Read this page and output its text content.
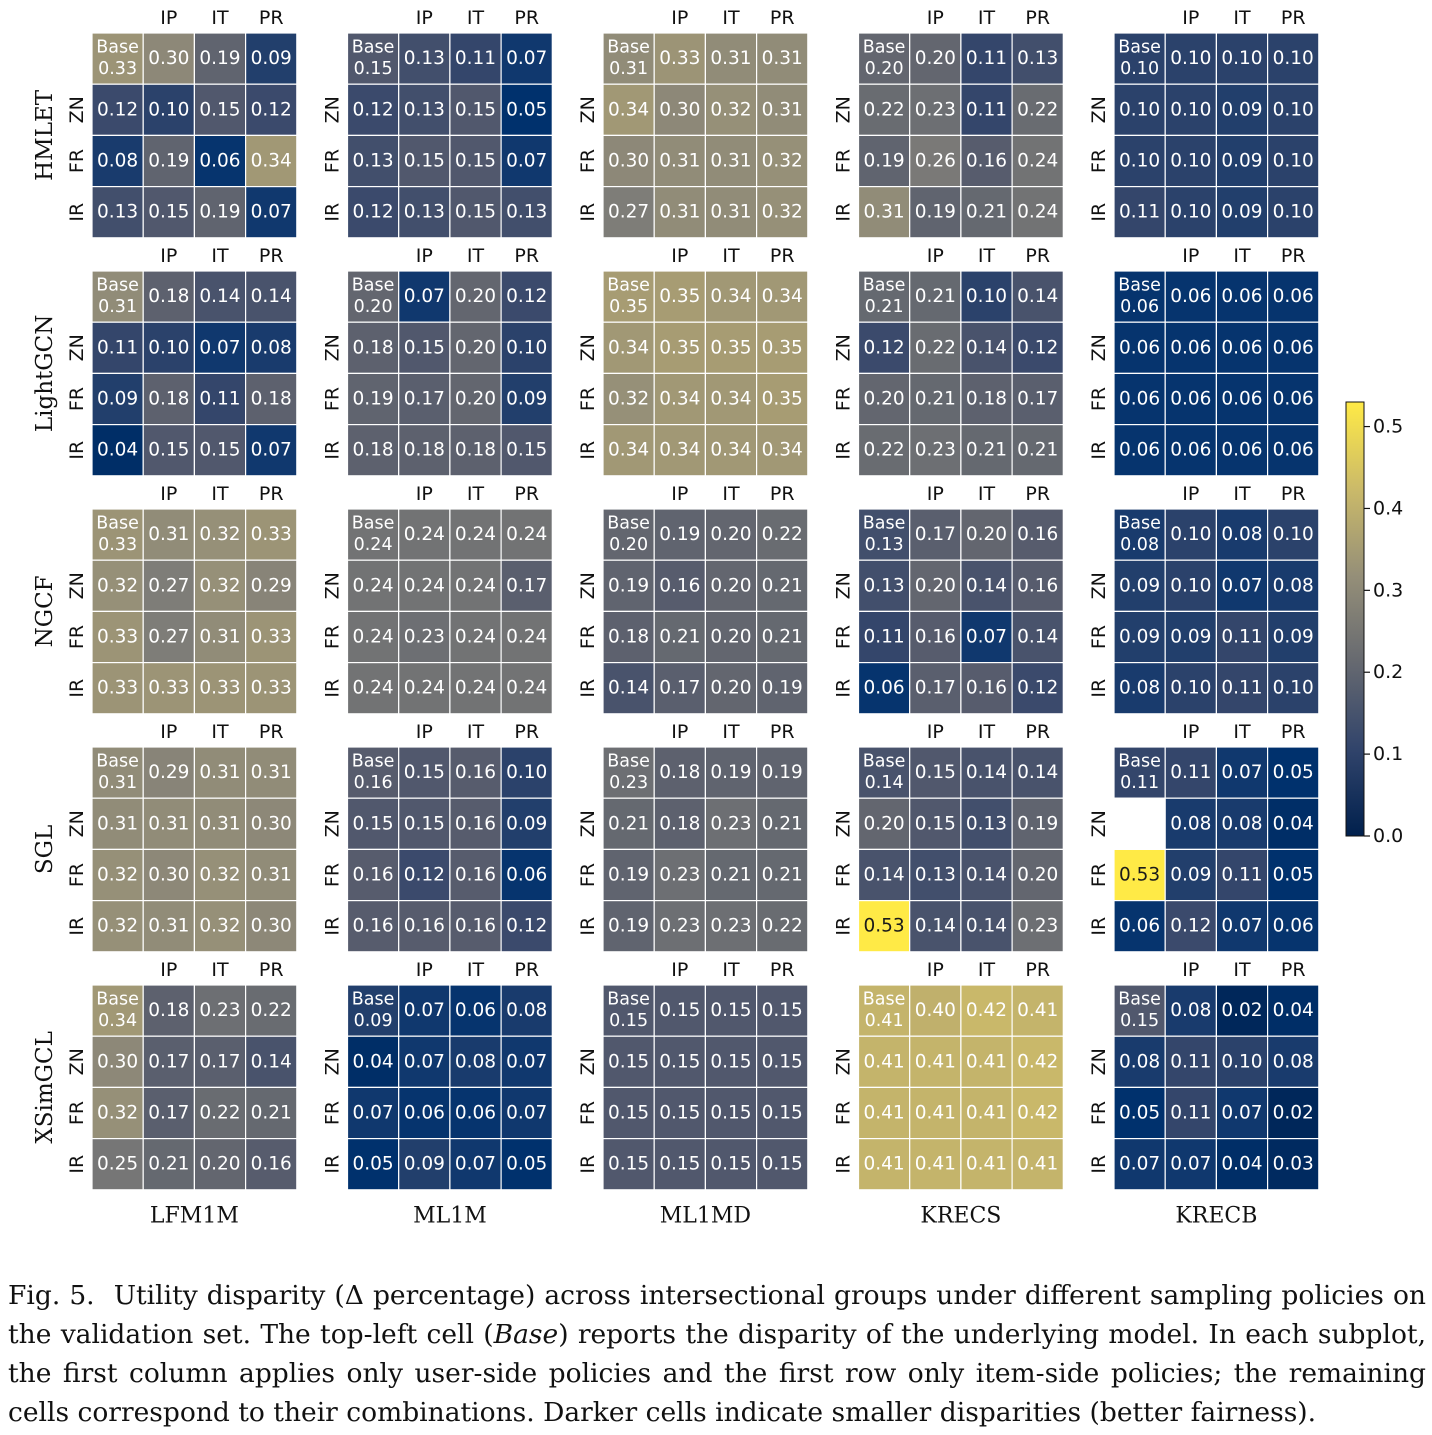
HMLET
IP IT PR
ZN
FR
IR
Base
0.33 0.30 0.19 0.09
0.12 0.10 0.15 0.12
0.08 0.19 0.06 0.34
0.13 0.15 0.19 0.07
IP IT PR
ZN
FR
IR
Base
0.15 0.13 0.11 0.07
0.12 0.13 0.15 0.05
0.13 0.15 0.15 0.07
0.12 0.13 0.15 0.13
IP IT PR
ZN
FR
IR
Base
0.31 0.33 0.31 0.31
0.34 0.30 0.32 0.31
0.30 0.31 0.31 0.32
0.27 0.31 0.31 0.32
IP IT PR
ZN
FR
IR
Base
0.20 0.20 0.11 0.13
0.22 0.23 0.11 0.22
0.19 0.26 0.16 0.24
0.31 0.19 0.21 0.24
IP IT PR
ZN
FR
IR
Base
0.10 0.10 0.10 0.10
0.10 0.10 0.09 0.10
0.10 0.10 0.09 0.10
0.11 0.10 0.09 0.10
LightGCN
IP IT PR
ZN
FR
IR
Base
0.31 0.18 0.14 0.14
0.11 0.10 0.07 0.08
0.09 0.18 0.11 0.18
0.04 0.15 0.15 0.07
IP IT PR
ZN
FR
IR
Base
0.20 0.07 0.20 0.12
0.18 0.15 0.20 0.10
0.19 0.17 0.20 0.09
0.18 0.18 0.18 0.15
IP IT PR
ZN
FR
IR
Base
0.35 0.35 0.34 0.34
0.34 0.35 0.35 0.35
0.32 0.34 0.34 0.35
0.34 0.34 0.34 0.34
IP IT PR
ZN
FR
IR
Base
0.21 0.21 0.10 0.14
0.12 0.22 0.14 0.12
0.20 0.21 0.18 0.17
0.22 0.23 0.21 0.21
IP IT PR
ZN
FR
IR
Base
0.06 0.06 0.06 0.06
0.06 0.06 0.06 0.06
0.06 0.06 0.06 0.06
0.06 0.06 0.06 0.06
NGCF
IP IT PR
ZN
FR
IR
Base
0.33 0.31 0.32 0.33
0.32 0.27 0.32 0.29
0.33 0.27 0.31 0.33
0.33 0.33 0.33 0.33
IP IT PR
ZN
FR
IR
Base
0.24 0.24 0.24 0.24
0.24 0.24 0.24 0.17
0.24 0.23 0.24 0.24
0.24 0.24 0.24 0.24
IP IT PR
ZN
FR
IR
Base
0.20 0.19 0.20 0.22
0.19 0.16 0.20 0.21
0.18 0.21 0.20 0.21
0.14 0.17 0.20 0.19
IP IT PR
ZN
FR
IR
Base
0.13 0.17 0.20 0.16
0.13 0.20 0.14 0.16
0.11 0.16 0.07 0.14
0.06 0.17 0.16 0.12
IP IT PR
ZN
FR
IR
Base
0.08 0.10 0.08 0.10
0.09 0.10 0.07 0.08
0.09 0.09 0.11 0.09
0.08 0.10 0.11 0.10
SGL
IP IT PR
ZN
FR
IR
Base
0.31 0.29 0.31 0.31
0.31 0.31 0.31 0.30
0.32 0.30 0.32 0.31
0.32 0.31 0.32 0.30
IP IT PR
ZN
FR
IR
Base
0.16 0.15 0.16 0.10
0.15 0.15 0.16 0.09
0.16 0.12 0.16 0.06
0.16 0.16 0.16 0.12
IP IT PR
ZN
FR
IR
Base
0.23 0.18 0.19 0.19
0.21 0.18 0.23 0.21
0.19 0.23 0.21 0.21
0.19 0.23 0.23 0.22
IP IT PR
ZN
FR
IR
Base
0.14 0.15 0.14 0.14
0.20 0.15 0.13 0.19
0.14 0.13 0.14 0.20
0.53 0.14 0.14 0.23
IP IT PR
ZN
FR
IR
Base
0.11 0.11 0.07 0.05
0.08 0.08 0.04
0.53 0.09 0.11 0.05
0.06 0.12 0.07 0.06
XSimGCL
IP IT PR
ZN
FR
IR
Base
0.34 0.18 0.23 0.22
0.30 0.17 0.17 0.14
0.32 0.17 0.22 0.21
0.25 0.21 0.20 0.16
LFM1M
IP IT PR
ZN
FR
IR
Base
0.09 0.07 0.06 0.08
0.04 0.07 0.08 0.07
0.07 0.06 0.06 0.07
0.05 0.09 0.07 0.05
ML1M
IP IT PR
ZN
FR
IR
Base
0.15 0.15 0.15 0.15
0.15 0.15 0.15 0.15
0.15 0.15 0.15 0.15
0.15 0.15 0.15 0.15
ML1MD
IP IT PR
ZN
FR
IR
Base
0.41 0.40 0.42 0.41
0.41 0.41 0.41 0.42
0.41 0.41 0.41 0.42
0.41 0.41 0.41 0.41
KRECS
IP IT PR
ZN
FR
IR
Base
0.15 0.08 0.02 0.04
0.08 0.11 0.10 0.08
0.05 0.11 0.07 0.02
0.07 0.07 0.04 0.03
KRECB
0.0
0.1
0.2
0.3
0.4
0.5

Fig. 5. Utility disparity (Δ percentage) across intersectional groups under different sampling policies on the validation set. The top-left cell (Base) reports the disparity of the underlying model. In each subplot, the first column applies only user-side policies and the first row only item-side policies; the remaining cells correspond to their combinations. Darker cells indicate smaller disparities (better fairness).
